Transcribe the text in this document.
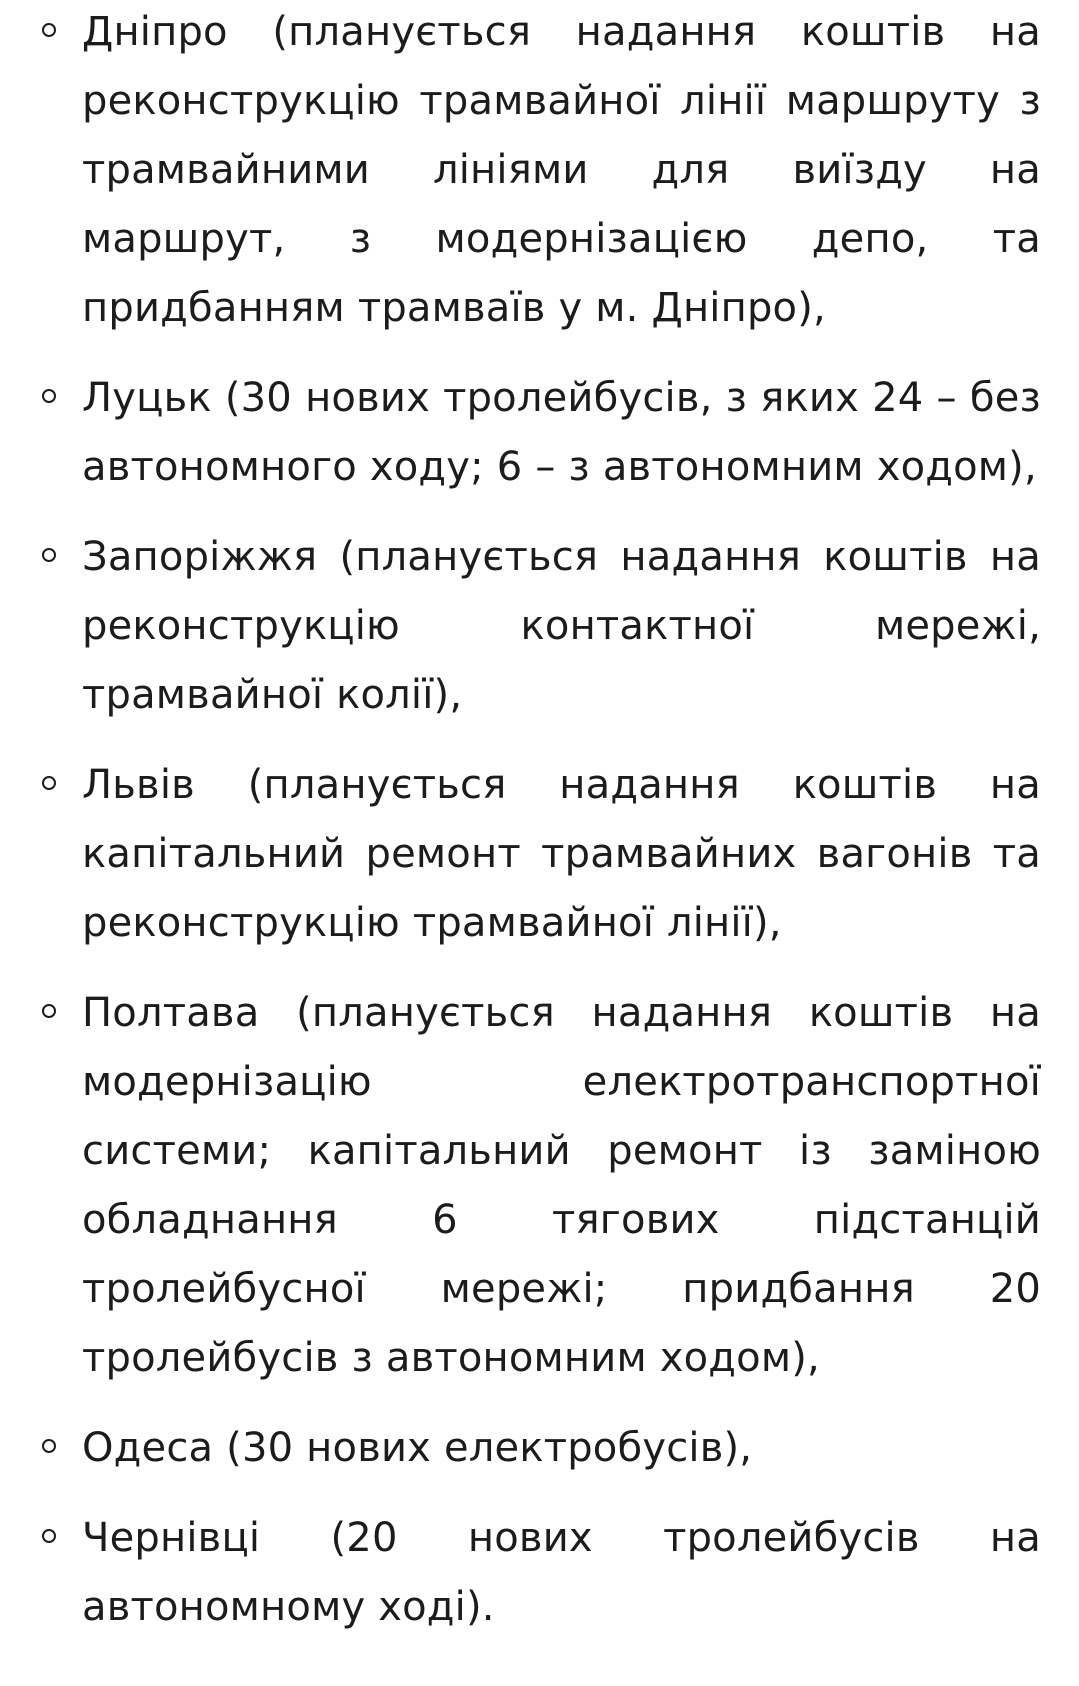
Дніпро (планується надання коштів на реконструкцію трамвайної лінії маршруту з трамвайними лініями для виїзду на маршрут, з модернізацією депо, та придбанням трамваїв у м. Дніпро),
Луцьк (30 нових тролейбусів, з яких 24 – без автономного ходу; 6 – з автономним ходом),
Запоріжжя (планується надання коштів на реконструкцію контактної мережі, трамвайної колії),
Львів (планується надання коштів на капітальний ремонт трамвайних вагонів та реконструкцію трамвайної лінії),
Полтава (планується надання коштів на модернізацію електротранспортної системи; капітальний ремонт із заміною обладнання 6 тягових підстанцій тролейбусної мережі; придбання 20 тролейбусів з автономним ходом),
Одеса (30 нових електробусів),
Чернівці (20 нових тролейбусів на автономному ході).
